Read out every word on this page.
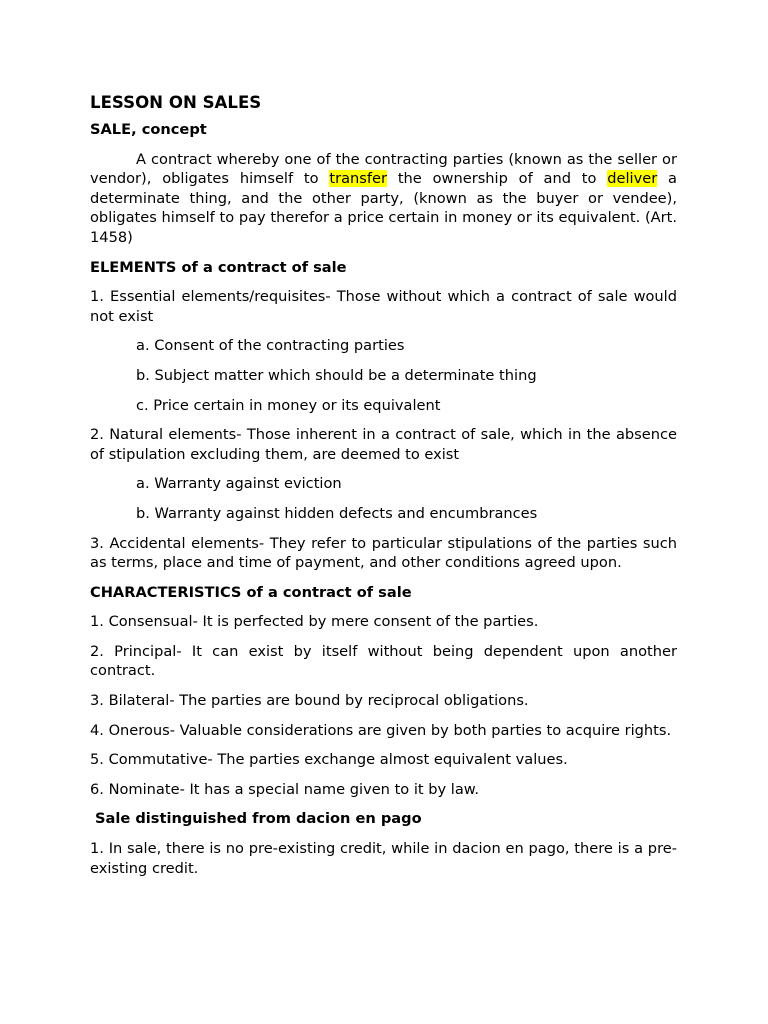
LESSON ON SALES
SALE, concept
A contract whereby one of the contracting parties (known as the seller or vendor), obligates himself to transfer the ownership of and to deliver a determinate thing, and the other party, (known as the buyer or vendee), obligates himself to pay therefor a price certain in money or its equivalent. (Art. 1458)
ELEMENTS of a contract of sale
1. Essential elements/requisites- Those without which a contract of sale would not exist
a. Consent of the contracting parties
b. Subject matter which should be a determinate thing
c. Price certain in money or its equivalent
2. Natural elements- Those inherent in a contract of sale, which in the absence of stipulation excluding them, are deemed to exist
a. Warranty against eviction
b. Warranty against hidden defects and encumbrances
3. Accidental elements- They refer to particular stipulations of the parties such as terms, place and time of payment, and other conditions agreed upon.
CHARACTERISTICS of a contract of sale
1. Consensual- It is perfected by mere consent of the parties.
2. Principal- It can exist by itself without being dependent upon another contract.
3. Bilateral- The parties are bound by reciprocal obligations.
4. Onerous- Valuable considerations are given by both parties to acquire rights.
5. Commutative- The parties exchange almost equivalent values.
6. Nominate- It has a special name given to it by law.
Sale distinguished from dacion en pago
1. In sale, there is no pre-existing credit, while in dacion en pago, there is a pre-existing credit.
